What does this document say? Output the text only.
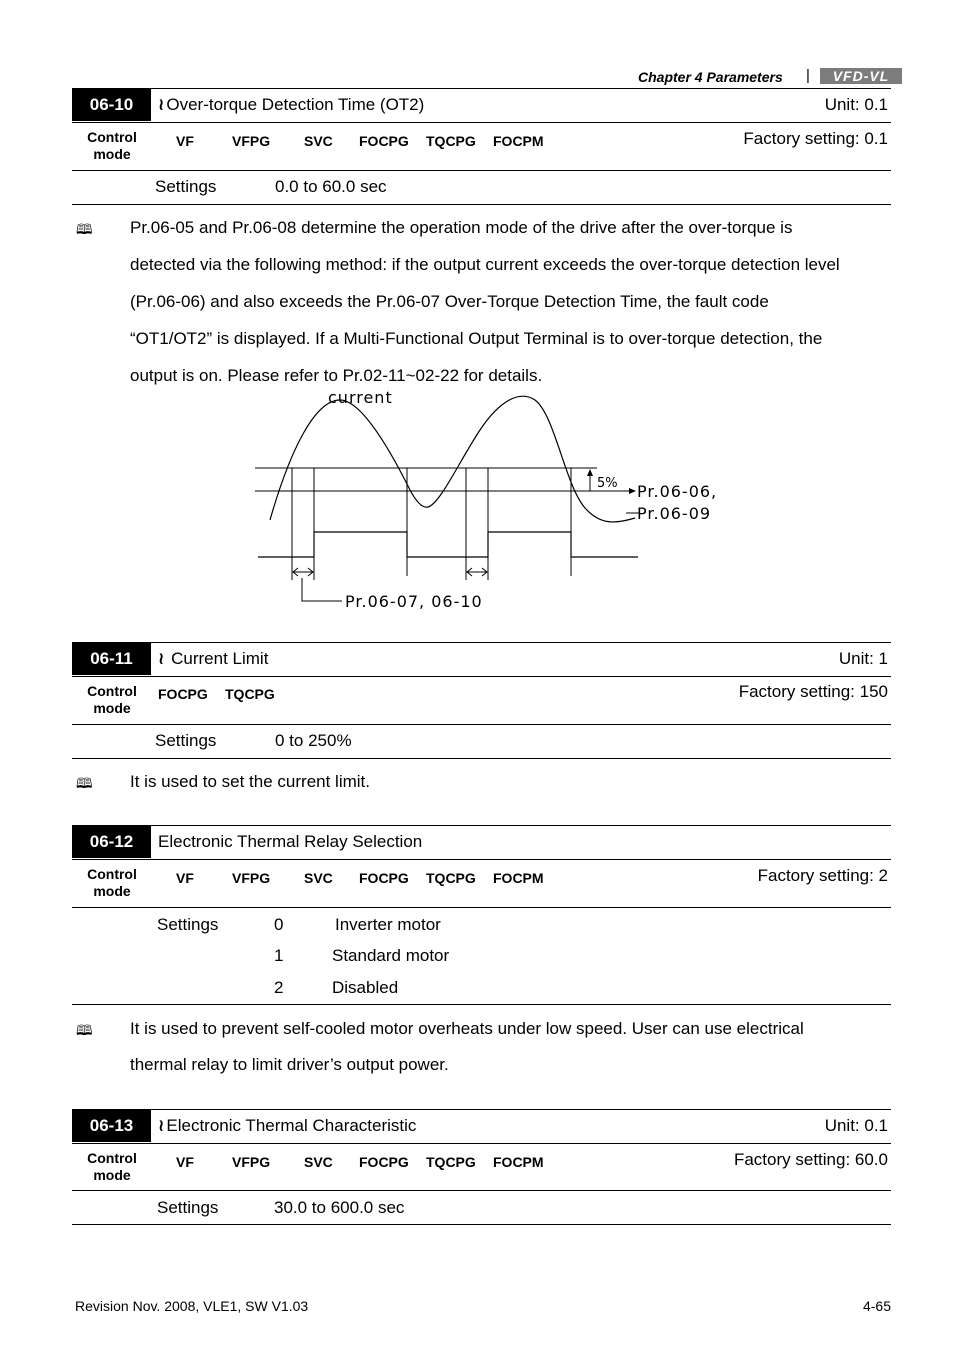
Chapter 4 Parameters |	VFD-VL
06-10	≀ Over-torque Detection Time (OT2)	Unit: 0.1
Control
mode
VF	VFPG SVC FOCPG TQCPG FOCPM	Factory setting: 0.1
Settings	0.0 to 60.0 sec
🕮 Pr.06-05 and Pr.06-08 determine the operation mode of the drive after the over-torque is
detected via the following method: if the output current exceeds the over-torque detection level
(Pr.06-06) and also exceeds the Pr.06-07 Over-Torque Detection Time, the fault code
“OT1/OT2” is displayed. If a Multi-Functional Output Terminal is to over-torque detection, the
output is on. Please refer to Pr.02-11~02-22 for details.
current
5% Pr.06-06,
Pr.06-09
Pr.06-07, 06-10
06-11	≀ Current Limit	Unit: 1
Control
mode
FOCPG TQCPG	Factory setting: 150
Settings	0 to 250%
🕮 It is used to set the current limit.
06-12	Electronic Thermal Relay Selection
Control
mode
VF	VFPG SVC FOCPG TQCPG FOCPM	Factory setting: 2
Settings	0	Inverter motor
1	Standard motor
2	Disabled
🕮 It is used to prevent self-cooled motor overheats under low speed. User can use electrical
thermal relay to limit driver’s output power.
06-13	≀ Electronic Thermal Characteristic	Unit: 0.1
Control
mode
VF	VFPG SVC FOCPG TQCPG FOCPM	Factory setting: 60.0
Settings	30.0 to 600.0 sec
Revision Nov. 2008, VLE1, SW V1.03	4-65
